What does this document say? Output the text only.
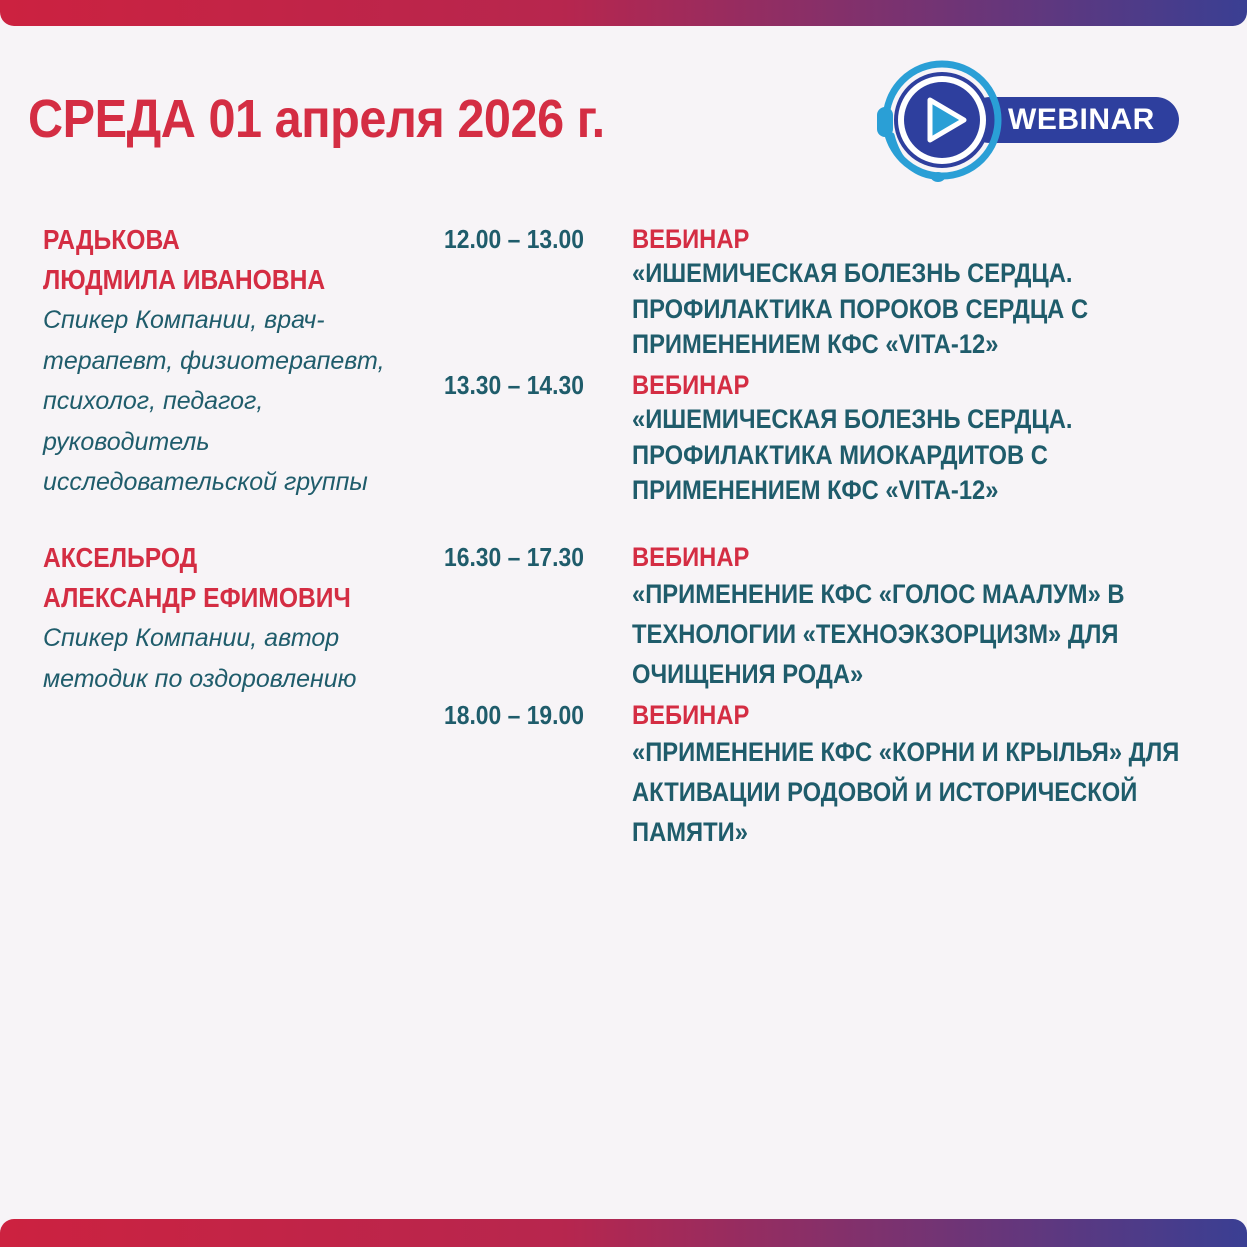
СРЕДА 01 апреля 2026 г.	WEBINAR
РАДЬКОВА
ЛЮДМИЛА ИВАНОВНА
Спикер Компании, врач-
терапевт, физиотерапевт,
психолог, педагог,
руководитель
исследовательской группы
АКСЕЛЬРОД
АЛЕКСАНДР ЕФИМОВИЧ
Спикер Компании, автор
методик по оздоровлению
12.00 – 13.00
13.30 – 14.30
16.30 – 17.30
18.00 – 19.00
ВЕБИНАР
«ИШЕМИЧЕСКАЯ БОЛЕЗНЬ СЕРДЦА.
ПРОФИЛАКТИКА ПОРОКОВ СЕРДЦА С
ПРИМЕНЕНИЕМ КФС «VITA-12»
ВЕБИНАР
«ИШЕМИЧЕСКАЯ БОЛЕЗНЬ СЕРДЦА.
ПРОФИЛАКТИКА МИОКАРДИТОВ С
ПРИМЕНЕНИЕМ КФС «VITA-12»
ВЕБИНАР
«ПРИМЕНЕНИЕ КФС «ГОЛОС МААЛУМ» В
ТЕХНОЛОГИИ «ТЕХНОЭКЗОРЦИЗМ» ДЛЯ
ОЧИЩЕНИЯ РОДА»
ВЕБИНАР
«ПРИМЕНЕНИЕ КФС «КОРНИ И КРЫЛЬЯ» ДЛЯ
АКТИВАЦИИ РОДОВОЙ И ИСТОРИЧЕСКОЙ
ПАМЯТИ»
